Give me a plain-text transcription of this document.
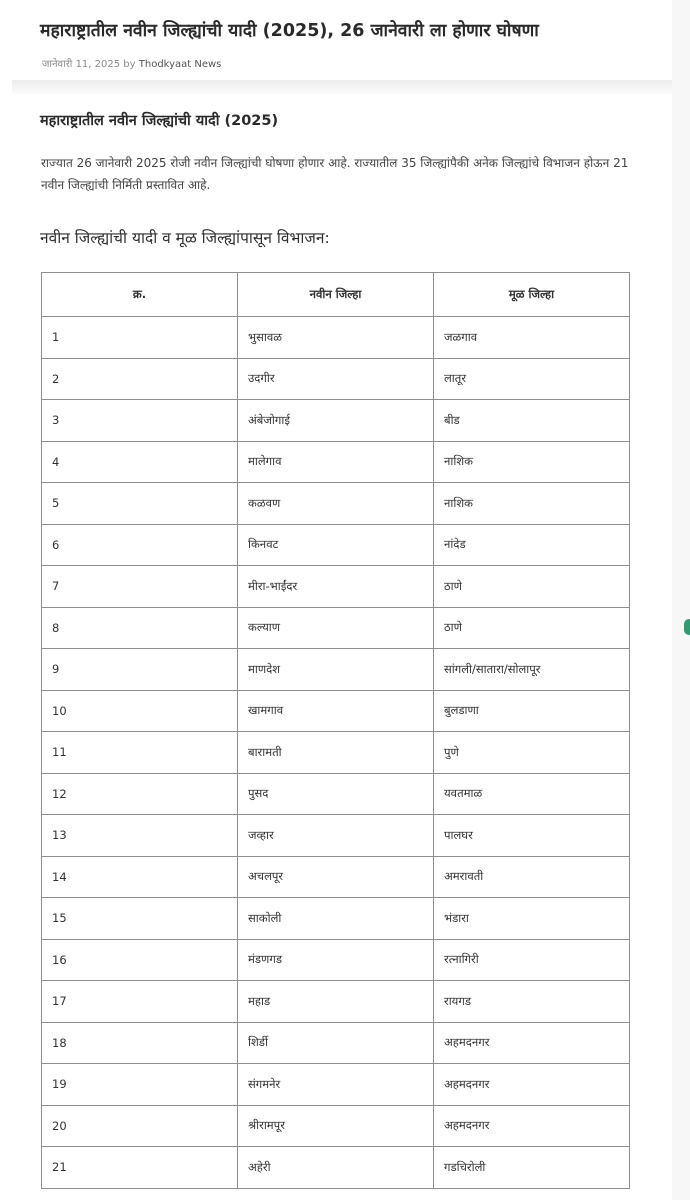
महाराष्ट्रातील नवीन जिल्ह्यांची यादी (2025), 26 जानेवारी ला होणार घोषणा
जानेवारी 11, 2025 by Thodkyaat News
महाराष्ट्रातील नवीन जिल्ह्यांची यादी (2025)
राज्यात 26 जानेवारी 2025 रोजी नवीन जिल्ह्यांची घोषणा होणार आहे. राज्यातील 35 जिल्ह्यांपैकी अनेक जिल्ह्यांचे विभाजन होऊन 21 नवीन जिल्ह्यांची निर्मिती प्रस्तावित आहे.
नवीन जिल्ह्यांची यादी व मूळ जिल्ह्यांपासून विभाजन:
क्र.	नवीन जिल्हा	मूळ जिल्हा
1	भुसावळ	जळगाव
2	उदगीर	लातूर
3	अंबेजोगाई	बीड
4	मालेगाव	नाशिक
5	कळवण	नाशिक
6	किनवट	नांदेड
7	मीरा-भाईंदर	ठाणे
8	कल्याण	ठाणे
9	माणदेश	सांगली/सातारा/सोलापूर
10	खामगाव	बुलडाणा
11	बारामती	पुणे
12	पुसद	यवतमाळ
13	जव्हार	पालघर
14	अचलपूर	अमरावती
15	साकोली	भंडारा
16	मंडणगड	रत्नागिरी
17	महाड	रायगड
18	शिर्डी	अहमदनगर
19	संगमनेर	अहमदनगर
20	श्रीरामपूर	अहमदनगर
21	अहेरी	गडचिरोली
